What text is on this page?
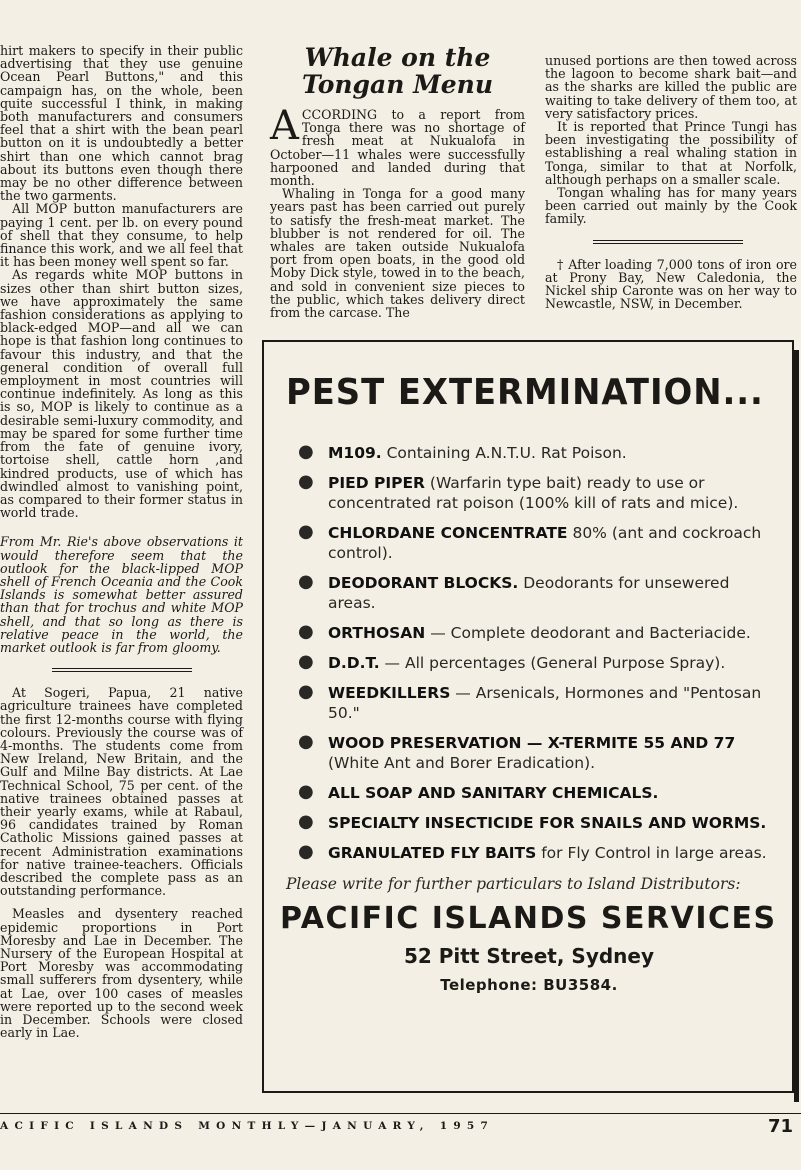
hirt makers to specify in their public advertising that they use genuine Ocean Pearl Buttons," and this campaign has, on the whole, been quite successful I think, in making both manufacturers and consumers feel that a shirt with the bean pearl button on it is undoubtedly a better shirt than one which cannot brag about its buttons even though there may be no other difference between the two garments.

All MOP button manufacturers are paying 1 cent. per lb. on every pound of shell that they consume, to help finance this work, and we all feel that it has been money well spent so far.

As regards white MOP buttons in sizes other than shirt button sizes, we have approximately the same fashion considerations as applying to black-edged MOP—and all we can hope is that fashion long continues to favour this industry, and that the general condition of overall full employment in most countries will continue indefinitely. As long as this is so, MOP is likely to continue as a desirable semi-luxury commodity, and may be spared for some further time from the fate of genuine ivory, tortoise shell, cattle horn ,and kindred products, use of which has dwindled almost to vanishing point, as compared to their former status in world trade.

From Mr. Rie's above observations it would therefore seem that the outlook for the black-lipped MOP shell of French Oceania and the Cook Islands is somewhat better assured than that for trochus and white MOP shell, and that so long as there is relative peace in the world, the market outlook is far from gloomy.

At Sogeri, Papua, 21 native agriculture trainees have completed the first 12-months course with flying colours. Previously the course was of 4-months. The students come from New Ireland, New Britain, and the Gulf and Milne Bay districts. At Lae Technical School, 75 per cent. of the native trainees obtained passes at their yearly exams, while at Rabaul, 96 candidates trained by Roman Catholic Missions gained passes at recent Administration examinations for native trainee-teachers. Officials described the complete pass as an outstanding performance.

Measles and dysentery reached epidemic proportions in Port Moresby and Lae in December. The Nursery of the European Hospital at Port Moresby was accommodating small sufferers from dysentery, while at Lae, over 100 cases of measles were reported up to the second week in December. Schools were closed early in Lae.

Whale on the Tongan Menu

ACCORDING to a report from Tonga there was no shortage of fresh meat at Nukualofa in October—11 whales were successfully harpooned and landed during that month.

Whaling in Tonga for a good many years past has been carried out purely to satisfy the fresh-meat market. The blubber is not rendered for oil. The whales are taken outside Nukualofa port from open boats, in the good old Moby Dick style, towed in to the beach, and sold in convenient size pieces to the public, which takes delivery direct from the carcase. The

unused portions are then towed across the lagoon to become shark bait—and as the sharks are killed the public are waiting to take delivery of them too, at very satisfactory prices.

It is reported that Prince Tungi has been investigating the possibility of establishing a real whaling station in Tonga, similar to that at Norfolk, although perhaps on a smaller scale.

Tongan whaling has for many years been carried out mainly by the Cook family.

† After loading 7,000 tons of iron ore at Prony Bay, New Caledonia, the Nickel ship Caronte was on her way to Newcastle, NSW, in December.

PEST EXTERMINATION...
● M109. Containing A.N.T.U. Rat Poison.
● PIED PIPER (Warfarin type bait) ready to use or concentrated rat poison (100% kill of rats and mice).
● CHLORDANE CONCENTRATE 80% (ant and cockroach control).
● DEODORANT BLOCKS. Deodorants for unsewered areas.
● ORTHOSAN — Complete deodorant and Bacteriacide.
● D.D.T. — All percentages (General Purpose Spray).
● WEEDKILLERS — Arsenicals, Hormones and "Pentosan 50."
● WOOD PRESERVATION — X-TERMITE 55 AND 77 (White Ant and Borer Eradication).
● ALL SOAP AND SANITARY CHEMICALS.
● SPECIALTY INSECTICIDE FOR SNAILS AND WORMS.
● GRANULATED FLY BAITS for Fly Control in large areas.
Please write for further particulars to Island Distributors:
PACIFIC ISLANDS SERVICES
52 Pitt Street, Sydney
Telephone: BU3584.
ACIFIC ISLANDS MONTHLY—JANUARY, 1957	71
